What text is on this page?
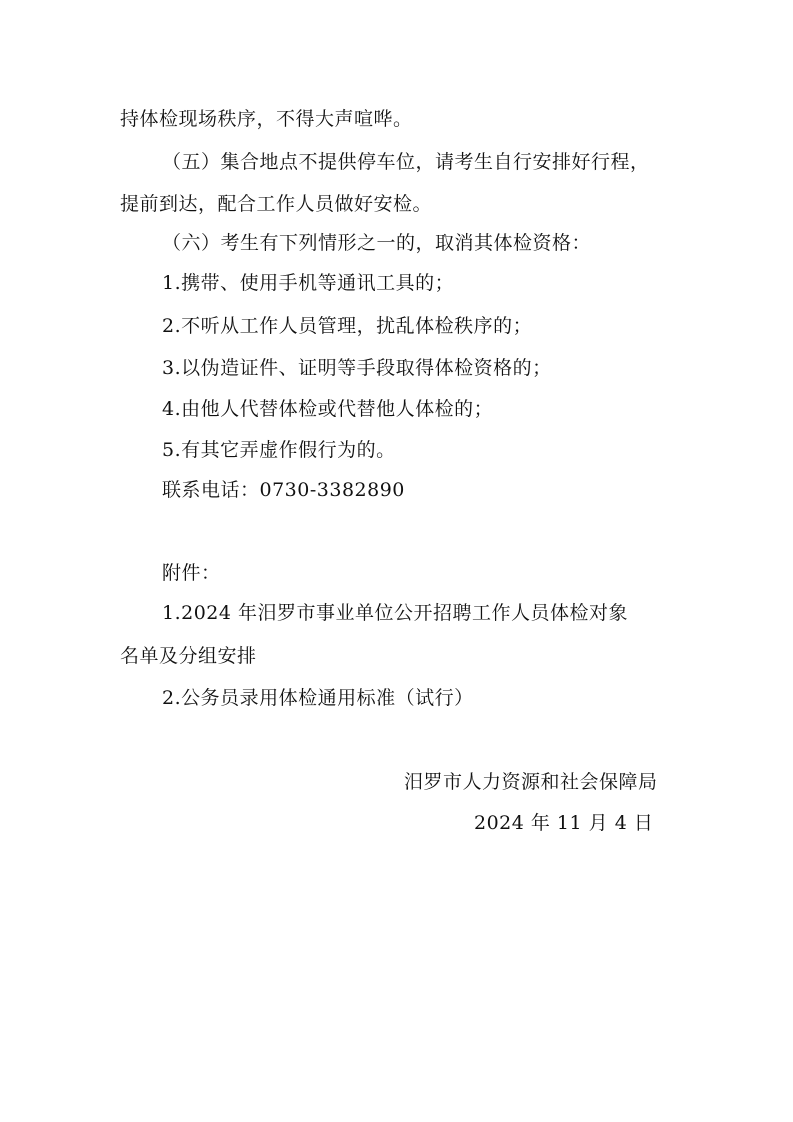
持体检现场秩序，不得大声喧哗。
（五）集合地点不提供停车位，请考生自行安排好行程，
提前到达，配合工作人员做好安检。
（六）考生有下列情形之一的，取消其体检资格：
1.携带、使用手机等通讯工具的；
2.不听从工作人员管理，扰乱体检秩序的；
3.以伪造证件、证明等手段取得体检资格的；
4.由他人代替体检或代替他人体检的；
5.有其它弄虚作假行为的。
联系电话：0730-3382890
附件：
1.2024 年汨罗市事业单位公开招聘工作人员体检对象
名单及分组安排
2.公务员录用体检通用标准（试行）
汨罗市人力资源和社会保障局
2024 年 11 月 4 日
